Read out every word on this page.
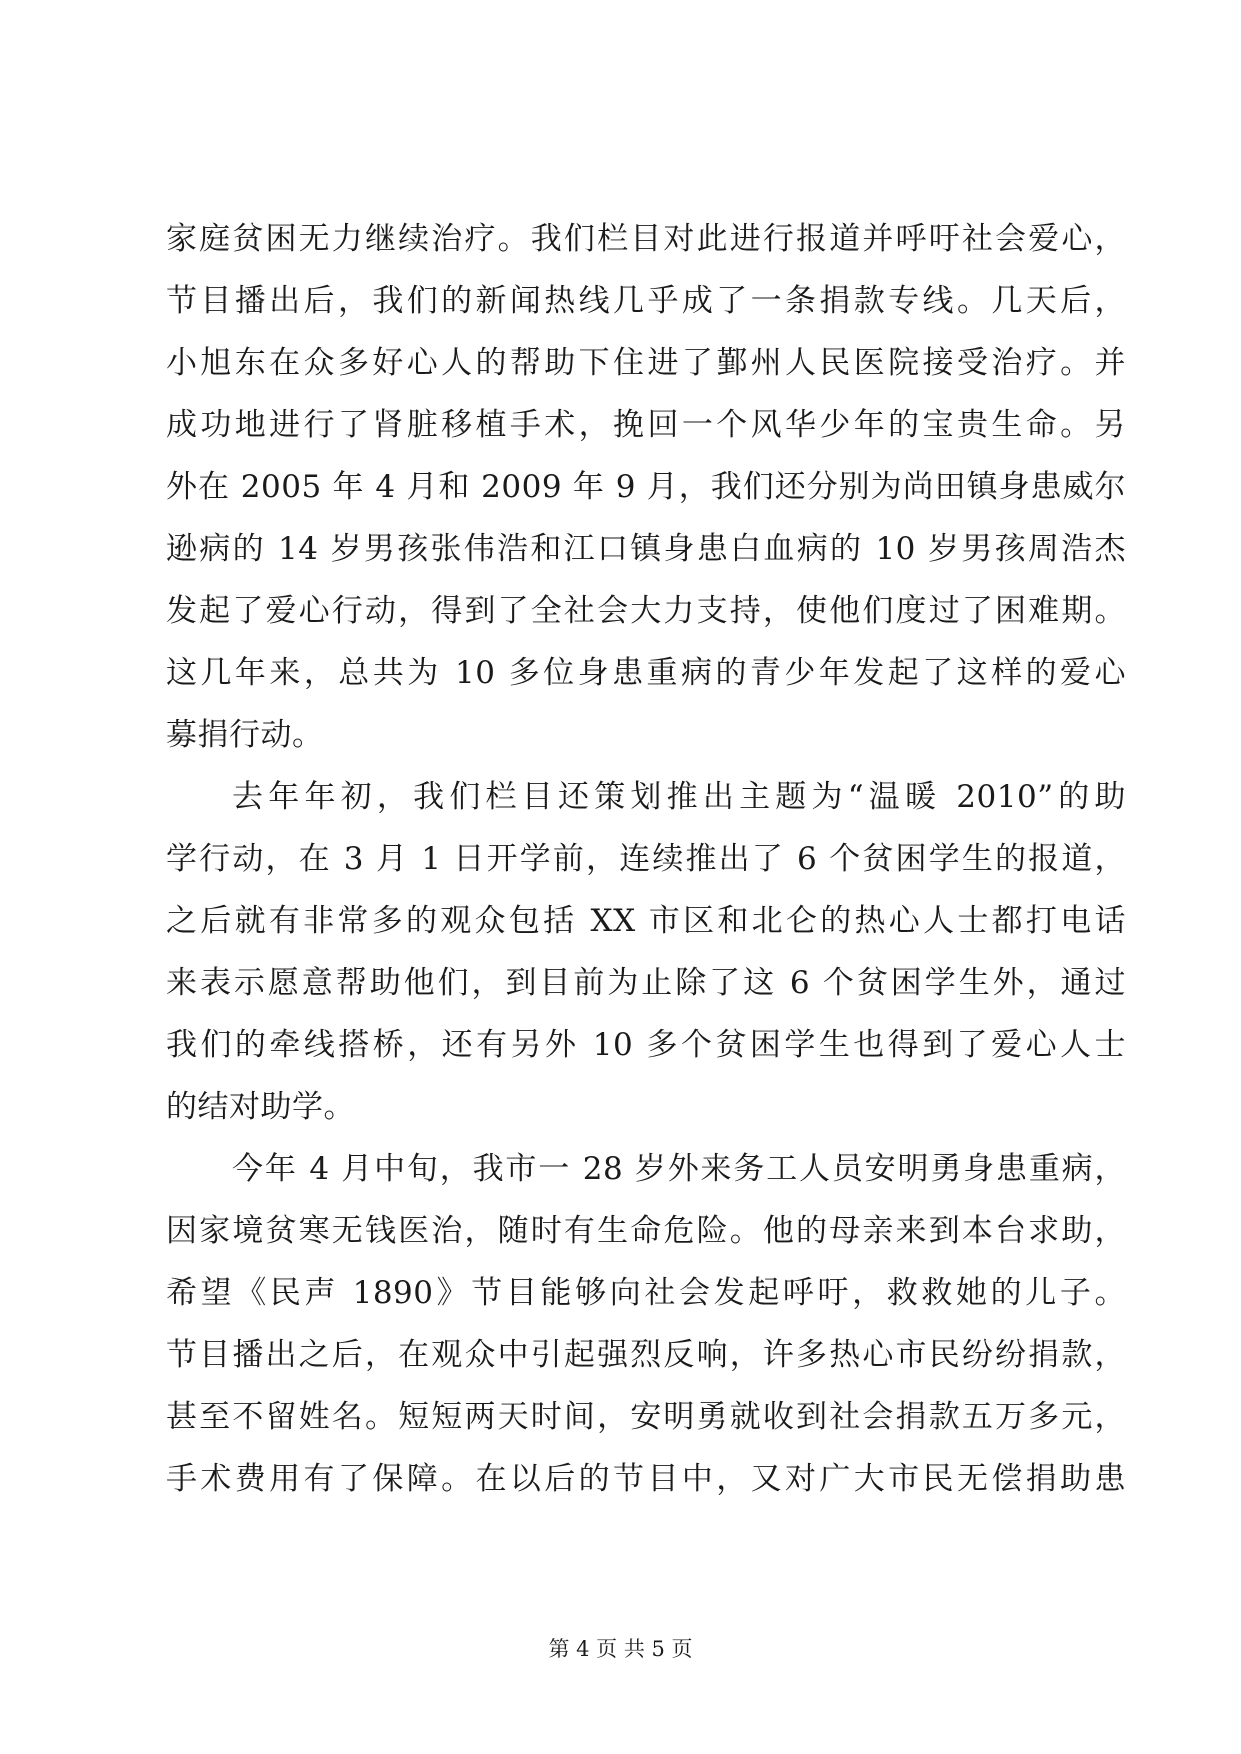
家庭贫困无力继续治疗。我们栏目对此进行报道并呼吁社会爱心，
节目播出后，我们的新闻热线几乎成了一条捐款专线。几天后，
小旭东在众多好心人的帮助下住进了鄞州人民医院接受治疗。并
成功地进行了肾脏移植手术，挽回一个风华少年的宝贵生命。另
外在 2005 年 4 月和 2009 年 9 月，我们还分别为尚田镇身患威尔
逊病的 14 岁男孩张伟浩和江口镇身患白血病的 10 岁男孩周浩杰
发起了爱心行动，得到了全社会大力支持，使他们度过了困难期。
这几年来，总共为 10 多位身患重病的青少年发起了这样的爱心
募捐行动。
去年年初，我们栏目还策划推出主题为“温暖 2010”的助
学行动，在 3 月 1 日开学前，连续推出了 6 个贫困学生的报道，
之后就有非常多的观众包括 XX 市区和北仑的热心人士都打电话
来表示愿意帮助他们，到目前为止除了这 6 个贫困学生外，通过
我们的牵线搭桥，还有另外 10 多个贫困学生也得到了爱心人士
的结对助学。
今年 4 月中旬，我市一 28 岁外来务工人员安明勇身患重病，
因家境贫寒无钱医治，随时有生命危险。他的母亲来到本台求助，
希望《民声 1890》节目能够向社会发起呼吁，救救她的儿子。
节目播出之后，在观众中引起强烈反响，许多热心市民纷纷捐款，
甚至不留姓名。短短两天时间，安明勇就收到社会捐款五万多元，
手术费用有了保障。在以后的节目中，又对广大市民无偿捐助患
第 4 页 共 5 页
